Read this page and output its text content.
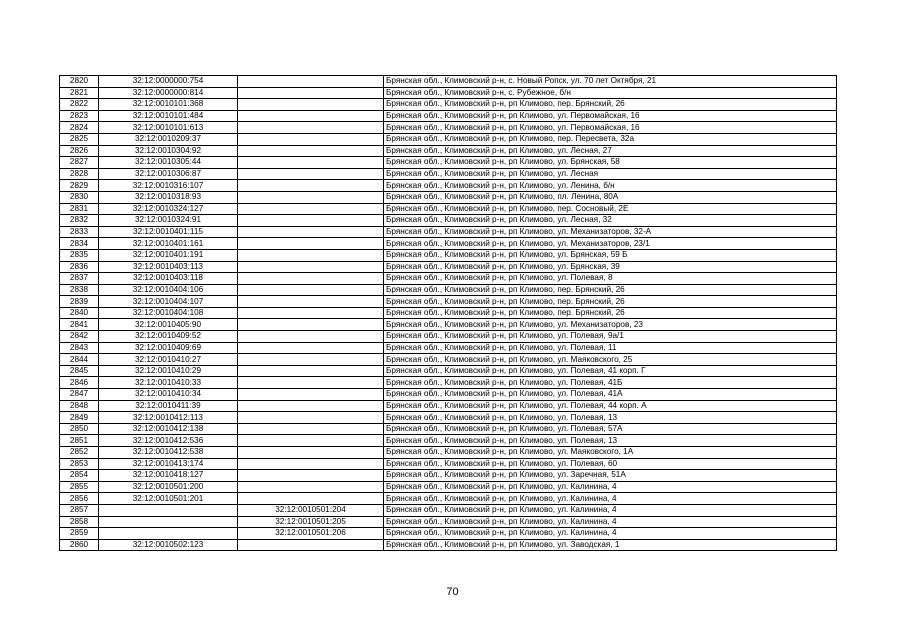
2820	32:12:0000000:754		Брянская обл., Климовский р-н, с. Новый Ропск, ул. 70 лет Октября, 21
2821	32:12:0000000:814		Брянская обл., Климовский р-н, с. Рубежное, б/н
2822	32:12:0010101:368		Брянская обл., Климовский р-н, рп Климово, пер. Брянский, 26
2823	32:12:0010101:484		Брянская обл., Климовский р-н, рп Климово, ул. Первомайская, 16
2824	32:12:0010101:613		Брянская обл., Климовский р-н, рп Климово, ул. Первомайская, 16
2825	32:12:0010209:37		Брянская обл., Климовский р-н, рп Климово, пер. Пересвета, 32а
2826	32:12:0010304:92		Брянская обл., Климовский р-н, рп Климово, ул. Лесная, 27
2827	32:12:0010305:44		Брянская обл., Климовский р-н, рп Климово, ул. Брянская, 58
2828	32:12:0010306:87		Брянская обл., Климовский р-н, рп Климово, ул. Лесная
2829	32:12:0010316:107		Брянская обл., Климовский р-н, рп Климово, ул. Ленина, б/н
2830	32:12:0010318:93		Брянская обл., Климовский р-н, рп Климово, пл. Ленина, 80А
2831	32:12:0010324:127		Брянская обл., Климовский р-н, рп Климово, пер. Сосновый, 2Е
2832	32:12:0010324:91		Брянская обл., Климовский р-н, рп Климово, ул. Лесная, 32
2833	32:12:0010401:115		Брянская обл., Климовский р-н, рп Климово, ул. Механизаторов, 32-А
2834	32:12:0010401:161		Брянская обл., Климовский р-н, рп Климово, ул. Механизаторов, 23/1
2835	32:12:0010401:191		Брянская обл., Климовский р-н, рп Климово, ул. Брянская, 59 Б
2836	32:12:0010403:113		Брянская обл., Климовский р-н, рп Климово, ул. Брянская, 39
2837	32:12:0010403:118		Брянская обл., Климовский р-н, рп Климово, ул. Полевая, 8
2838	32:12:0010404:106		Брянская обл., Климовский р-н, рп Климово, пер. Брянский, 26
2839	32:12:0010404:107		Брянская обл., Климовский р-н, рп Климово, пер. Брянский, 26
2840	32:12:0010404:108		Брянская обл., Климовский р-н, рп Климово, пер. Брянский, 26
2841	32:12:0010405:90		Брянская обл., Климовский р-н, рп Климово, ул. Механизаторов, 23
2842	32:12:0010409:52		Брянская обл., Климовский р-н, рп Климово, ул. Полевая, 9а/1
2843	32:12:0010409:69		Брянская обл., Климовский р-н, рп Климово, ул. Полевая, 11
2844	32:12:0010410:27		Брянская обл., Климовский р-н, рп Климово, ул. Маяковского, 25
2845	32:12:0010410:29		Брянская обл., Климовский р-н, рп Климово, ул. Полевая, 41 корп. Г
2846	32:12:0010410:33		Брянская обл., Климовский р-н, рп Климово, ул. Полевая, 41Б
2847	32:12:0010410:34		Брянская обл., Климовский р-н, рп Климово, ул. Полевая, 41А
2848	32:12:0010411:39		Брянская обл., Климовский р-н, рп Климово, ул. Полевая, 44 корп. А
2849	32:12:0010412:113		Брянская обл., Климовский р-н, рп Климово, ул. Полевая, 13
2850	32:12:0010412:138		Брянская обл., Климовский р-н, рп Климово, ул. Полевая, 57А
2851	32:12:0010412:536		Брянская обл., Климовский р-н, рп Климово, ул. Полевая, 13
2852	32:12:0010412:538		Брянская обл., Климовский р-н, рп Климово, ул. Маяковского, 1А
2853	32:12:0010413:174		Брянская обл., Климовский р-н, рп Климово, ул. Полевая, 60
2854	32:12:0010418:127		Брянская обл., Климовский р-н, рп Климово, ул. Заречная, 51А
2855	32:12:0010501:200		Брянская обл., Климовский р-н, рп Климово, ул. Калинина, 4
2856	32:12:0010501:201		Брянская обл., Климовский р-н, рп Климово, ул. Калинина, 4
2857		32:12:0010501:204	Брянская обл., Климовский р-н, рп Климово, ул. Калинина, 4
2858		32:12:0010501:205	Брянская обл., Климовский р-н, рп Климово, ул. Калинина, 4
2859		32:12:0010501:206	Брянская обл., Климовский р-н, рп Климово, ул. Калинина, 4
2860	32:12:0010502:123		Брянская обл., Климовский р-н, рп Климово, ул. Заводская, 1
70
